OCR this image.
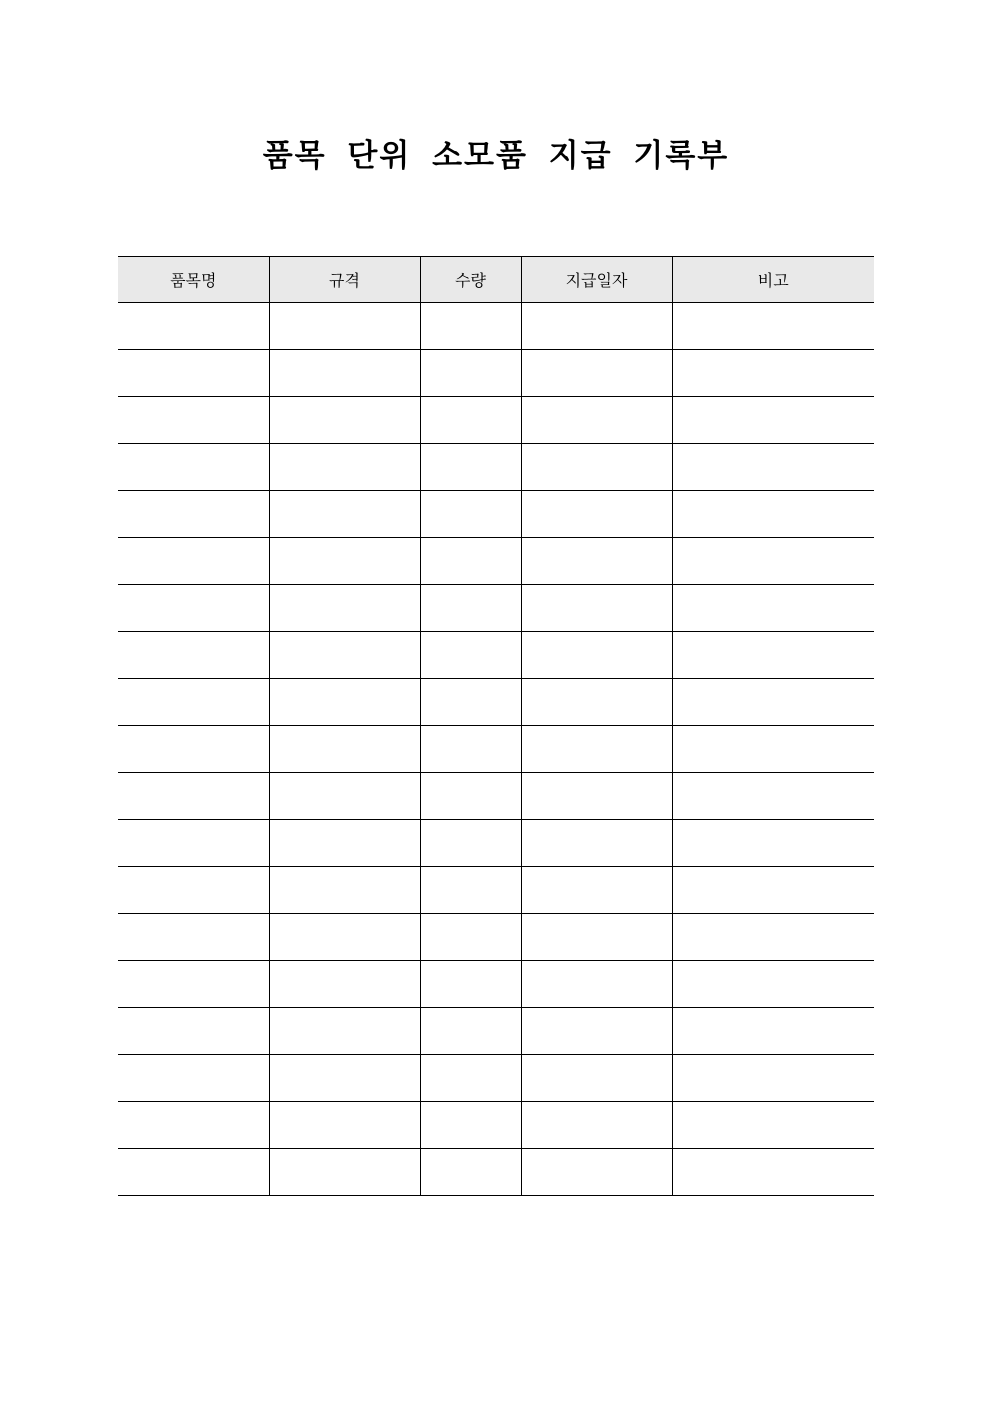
품목 단위 소모품 지급 기록부
품목명	규격	수량	지급일자	비고
